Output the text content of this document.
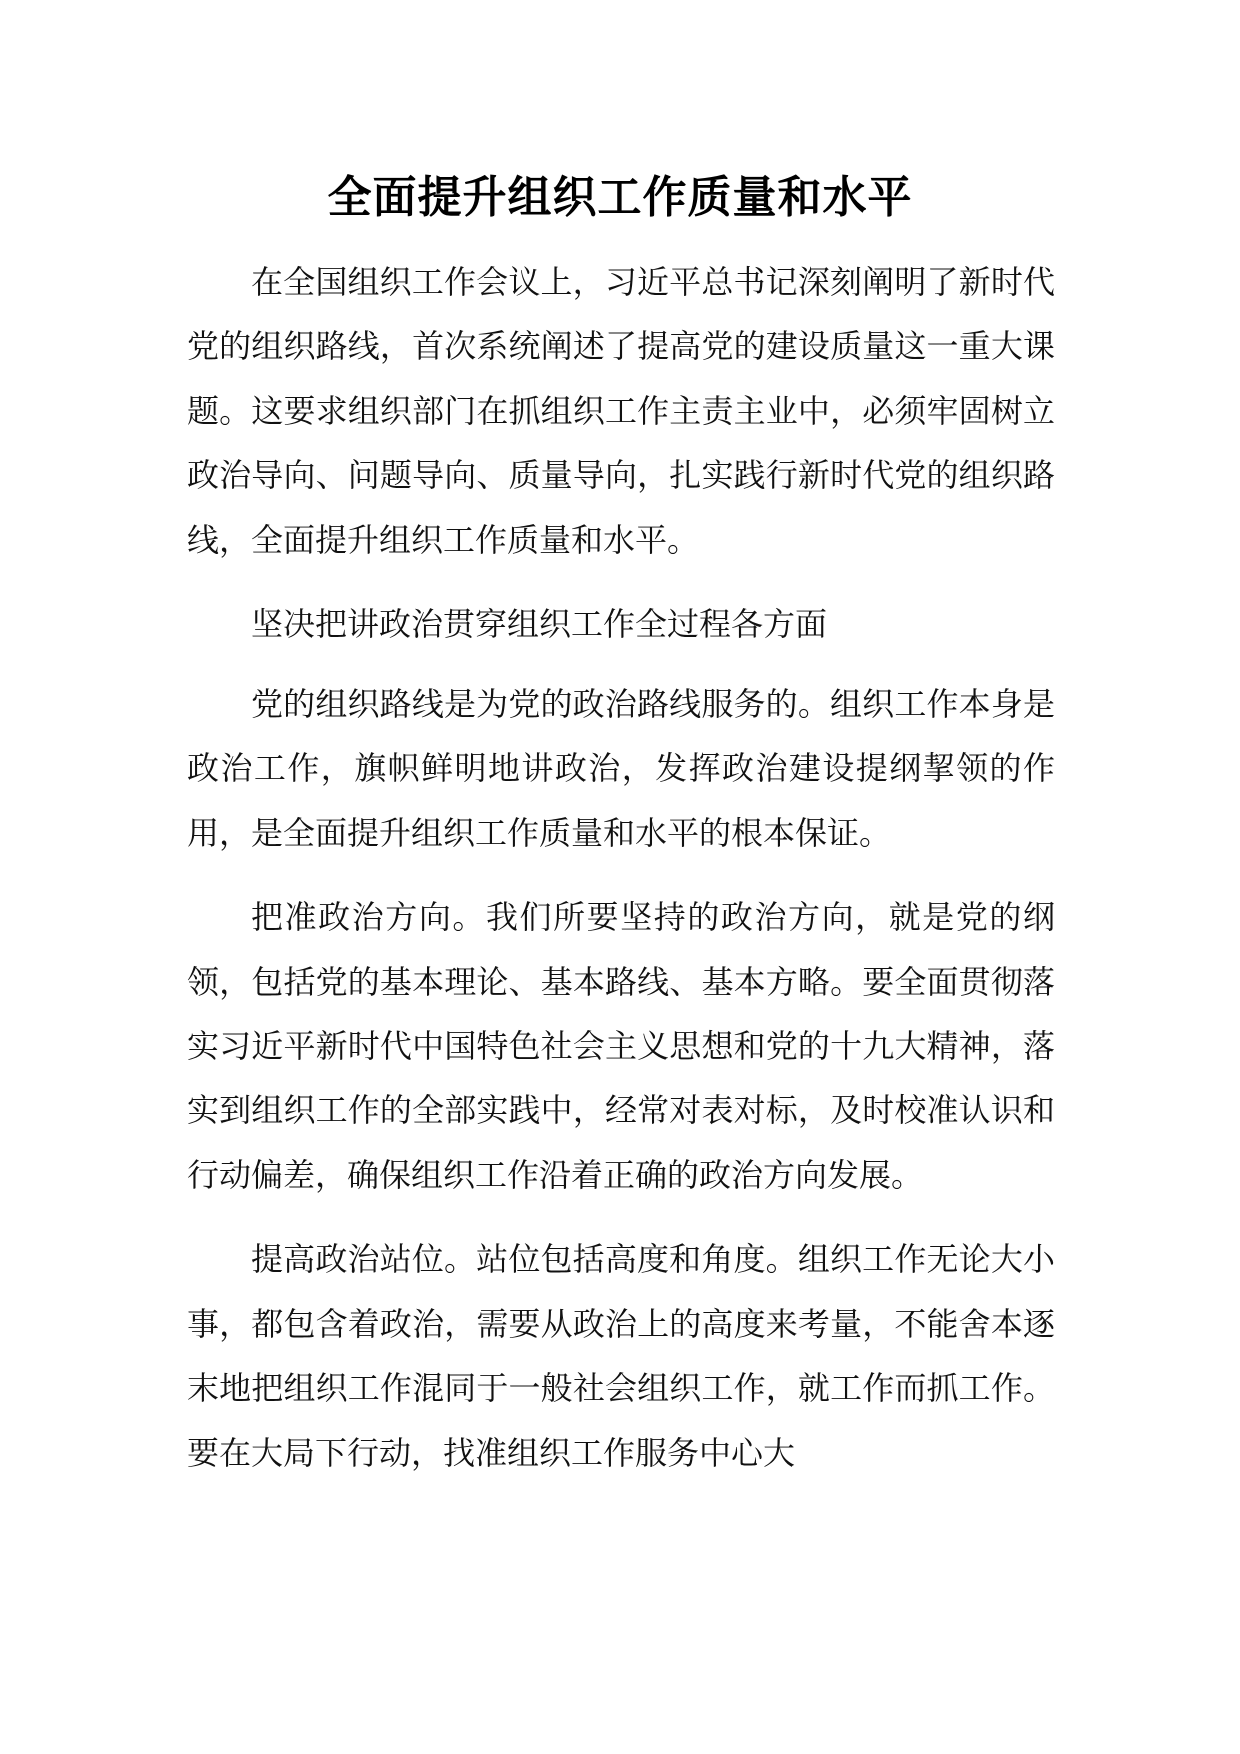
全面提升组织工作质量和水平

在全国组织工作会议上，习近平总书记深刻阐明了新时代党的组织路线，首次系统阐述了提高党的建设质量这一重大课题。这要求组织部门在抓组织工作主责主业中，必须牢固树立政治导向、问题导向、质量导向，扎实践行新时代党的组织路线，全面提升组织工作质量和水平。

坚决把讲政治贯穿组织工作全过程各方面

党的组织路线是为党的政治路线服务的。组织工作本身是政治工作，旗帜鲜明地讲政治，发挥政治建设提纲挈领的作用，是全面提升组织工作质量和水平的根本保证。

把准政治方向。我们所要坚持的政治方向，就是党的纲领，包括党的基本理论、基本路线、基本方略。要全面贯彻落实习近平新时代中国特色社会主义思想和党的十九大精神，落实到组织工作的全部实践中，经常对表对标，及时校准认识和行动偏差，确保组织工作沿着正确的政治方向发展。

提高政治站位。站位包括高度和角度。组织工作无论大小事，都包含着政治，需要从政治上的高度来考量，不能舍本逐末地把组织工作混同于一般社会组织工作，就工作而抓工作。要在大局下行动，找准组织工作服务中心大
